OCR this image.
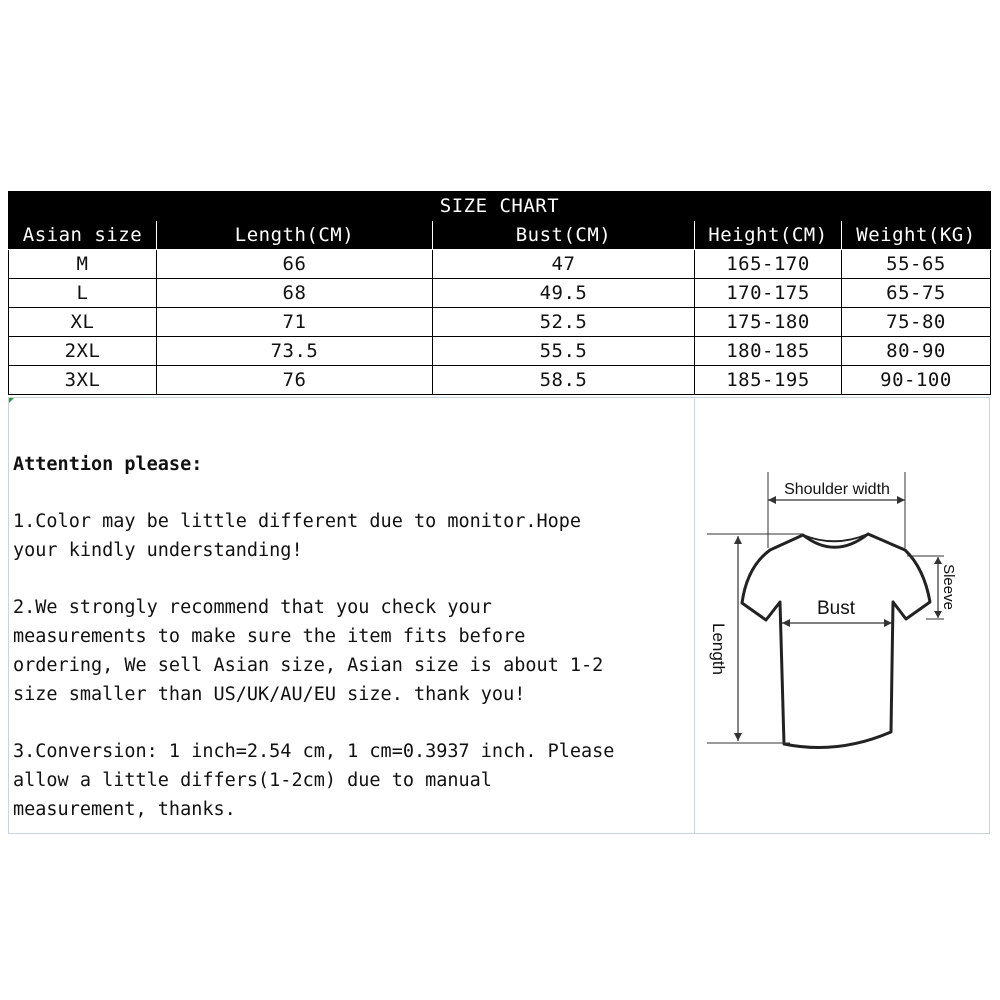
SIZE CHART				
Asian size	Length(CM)	Bust(CM)	Height(CM)	Weight(KG)
M	66	47	165-170	55-65
L	68	49.5	170-175	65-75
XL	71	52.5	175-180	75-80
2XL	73.5	55.5	180-185	80-90
3XL	76	58.5	185-195	90-100

Attention please:

1.Color may be little different due to monitor.Hope
your kindly understanding!

2.We strongly recommend that you check your
measurements to make sure the item fits before
ordering, We sell Asian size, Asian size is about 1-2
size smaller than US/UK/AU/EU size. thank you!

3.Conversion: 1 inch=2.54 cm, 1 cm=0.3937 inch. Please
allow a little differs(1-2cm) due to manual
measurement, thanks.

Shoulder width
Bust
Length
Sleeve
